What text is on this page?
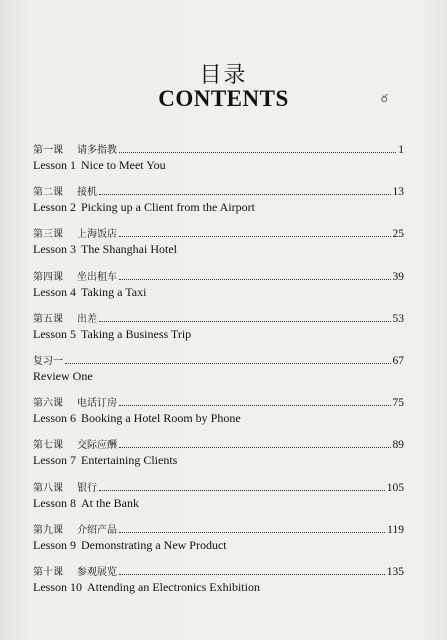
目录
CONTENTS	ర
第一课 请多指教	1
Lesson 1 Nice to Meet You
第二课 接机	13
Lesson 2 Picking up a Client from the Airport
第三课 上海饭店	25
Lesson 3 The Shanghai Hotel
第四课 坐出租车	39
Lesson 4 Taking a Taxi
第五课 出差	53
Lesson 5 Taking a Business Trip
复习一	67
Review One
第六课 电话订房	75
Lesson 6 Booking a Hotel Room by Phone
第七课 交际应酬	89
Lesson 7 Entertaining Clients
第八课 银行	105
Lesson 8 At the Bank
第九课 介绍产品	119
Lesson 9 Demonstrating a New Product
第十课 参观展览	135
Lesson 10 Attending an Electronics Exhibition
